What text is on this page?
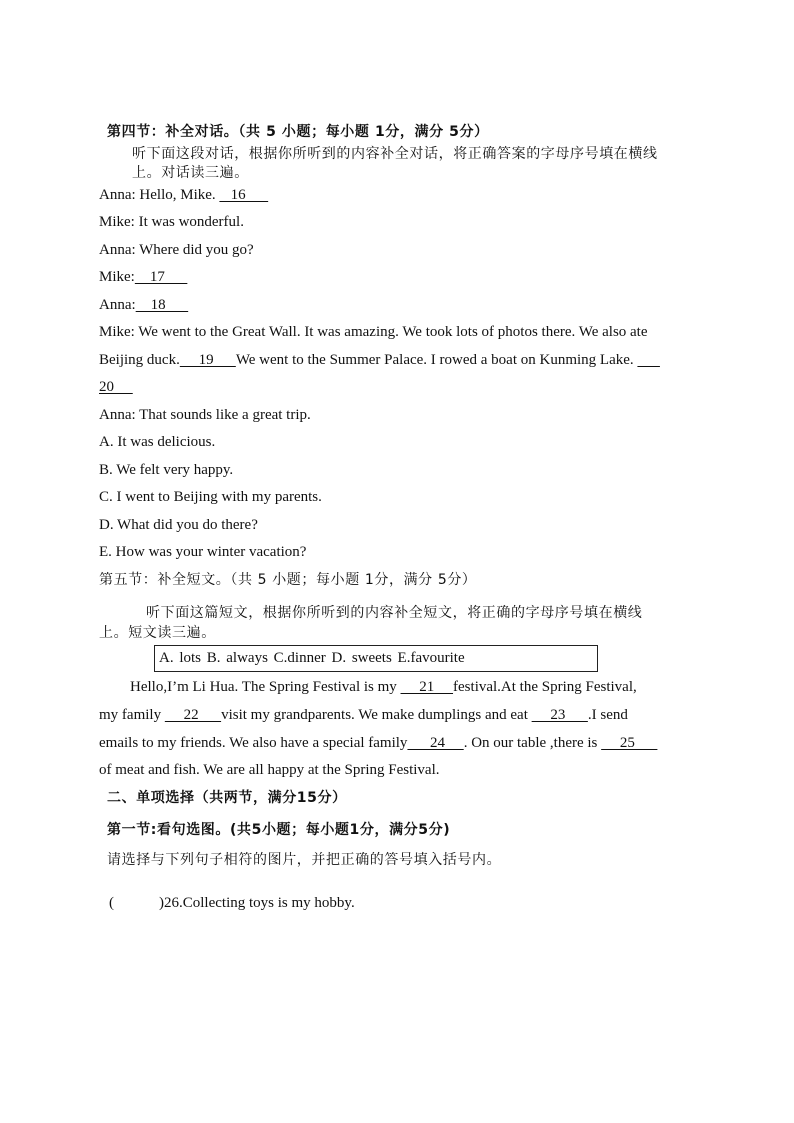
第四节：补全对话。（共 5 小题；每小题 1分，满分 5分）
听下面这段对话，根据你所听到的内容补全对话，将正确答案的字母序号填在横线
上。对话读三遍。
Anna: Hello, Mike.    16
Mike: It was wonderful.
Anna: Where did you go?
Mike:    17
Anna:    18
Mike: We went to the Great Wall. It was amazing. We took lots of photos there. We also ate
Beijing duck.     19      We went to the Summer Palace. I rowed a boat on Kunming Lake.
20
Anna: That sounds like a great trip.
A. It was delicious.
B. We felt very happy.
C. I went to Beijing with my parents.
D. What did you do there?
E. How was your winter vacation?
第五节：补全短文。（共 5 小题；每小题 1分，满分 5分）
听下面这篇短文，根据你所听到的内容补全短文，将正确的字母序号填在横线
上。短文读三遍。
A. lots B. always C.dinner D. sweets E.favourite
Hello,I’m Li Hua. The Spring Festival is my      21     festival.At the Spring Festival,
my family      22      visit my grandparents. We make dumplings and eat      23      .I send
emails to my friends. We also have a special family      24     . On our table ,there is      25
of meat and fish. We are all happy at the Spring Festival.
二、单项选择（共两节，满分15分）
第一节:看句选图。(共5小题；每小题1分，满分5分)
请选择与下列句子相符的图片，并把正确的答号填入括号内。
(            )26.Collecting toys is my hobby.
